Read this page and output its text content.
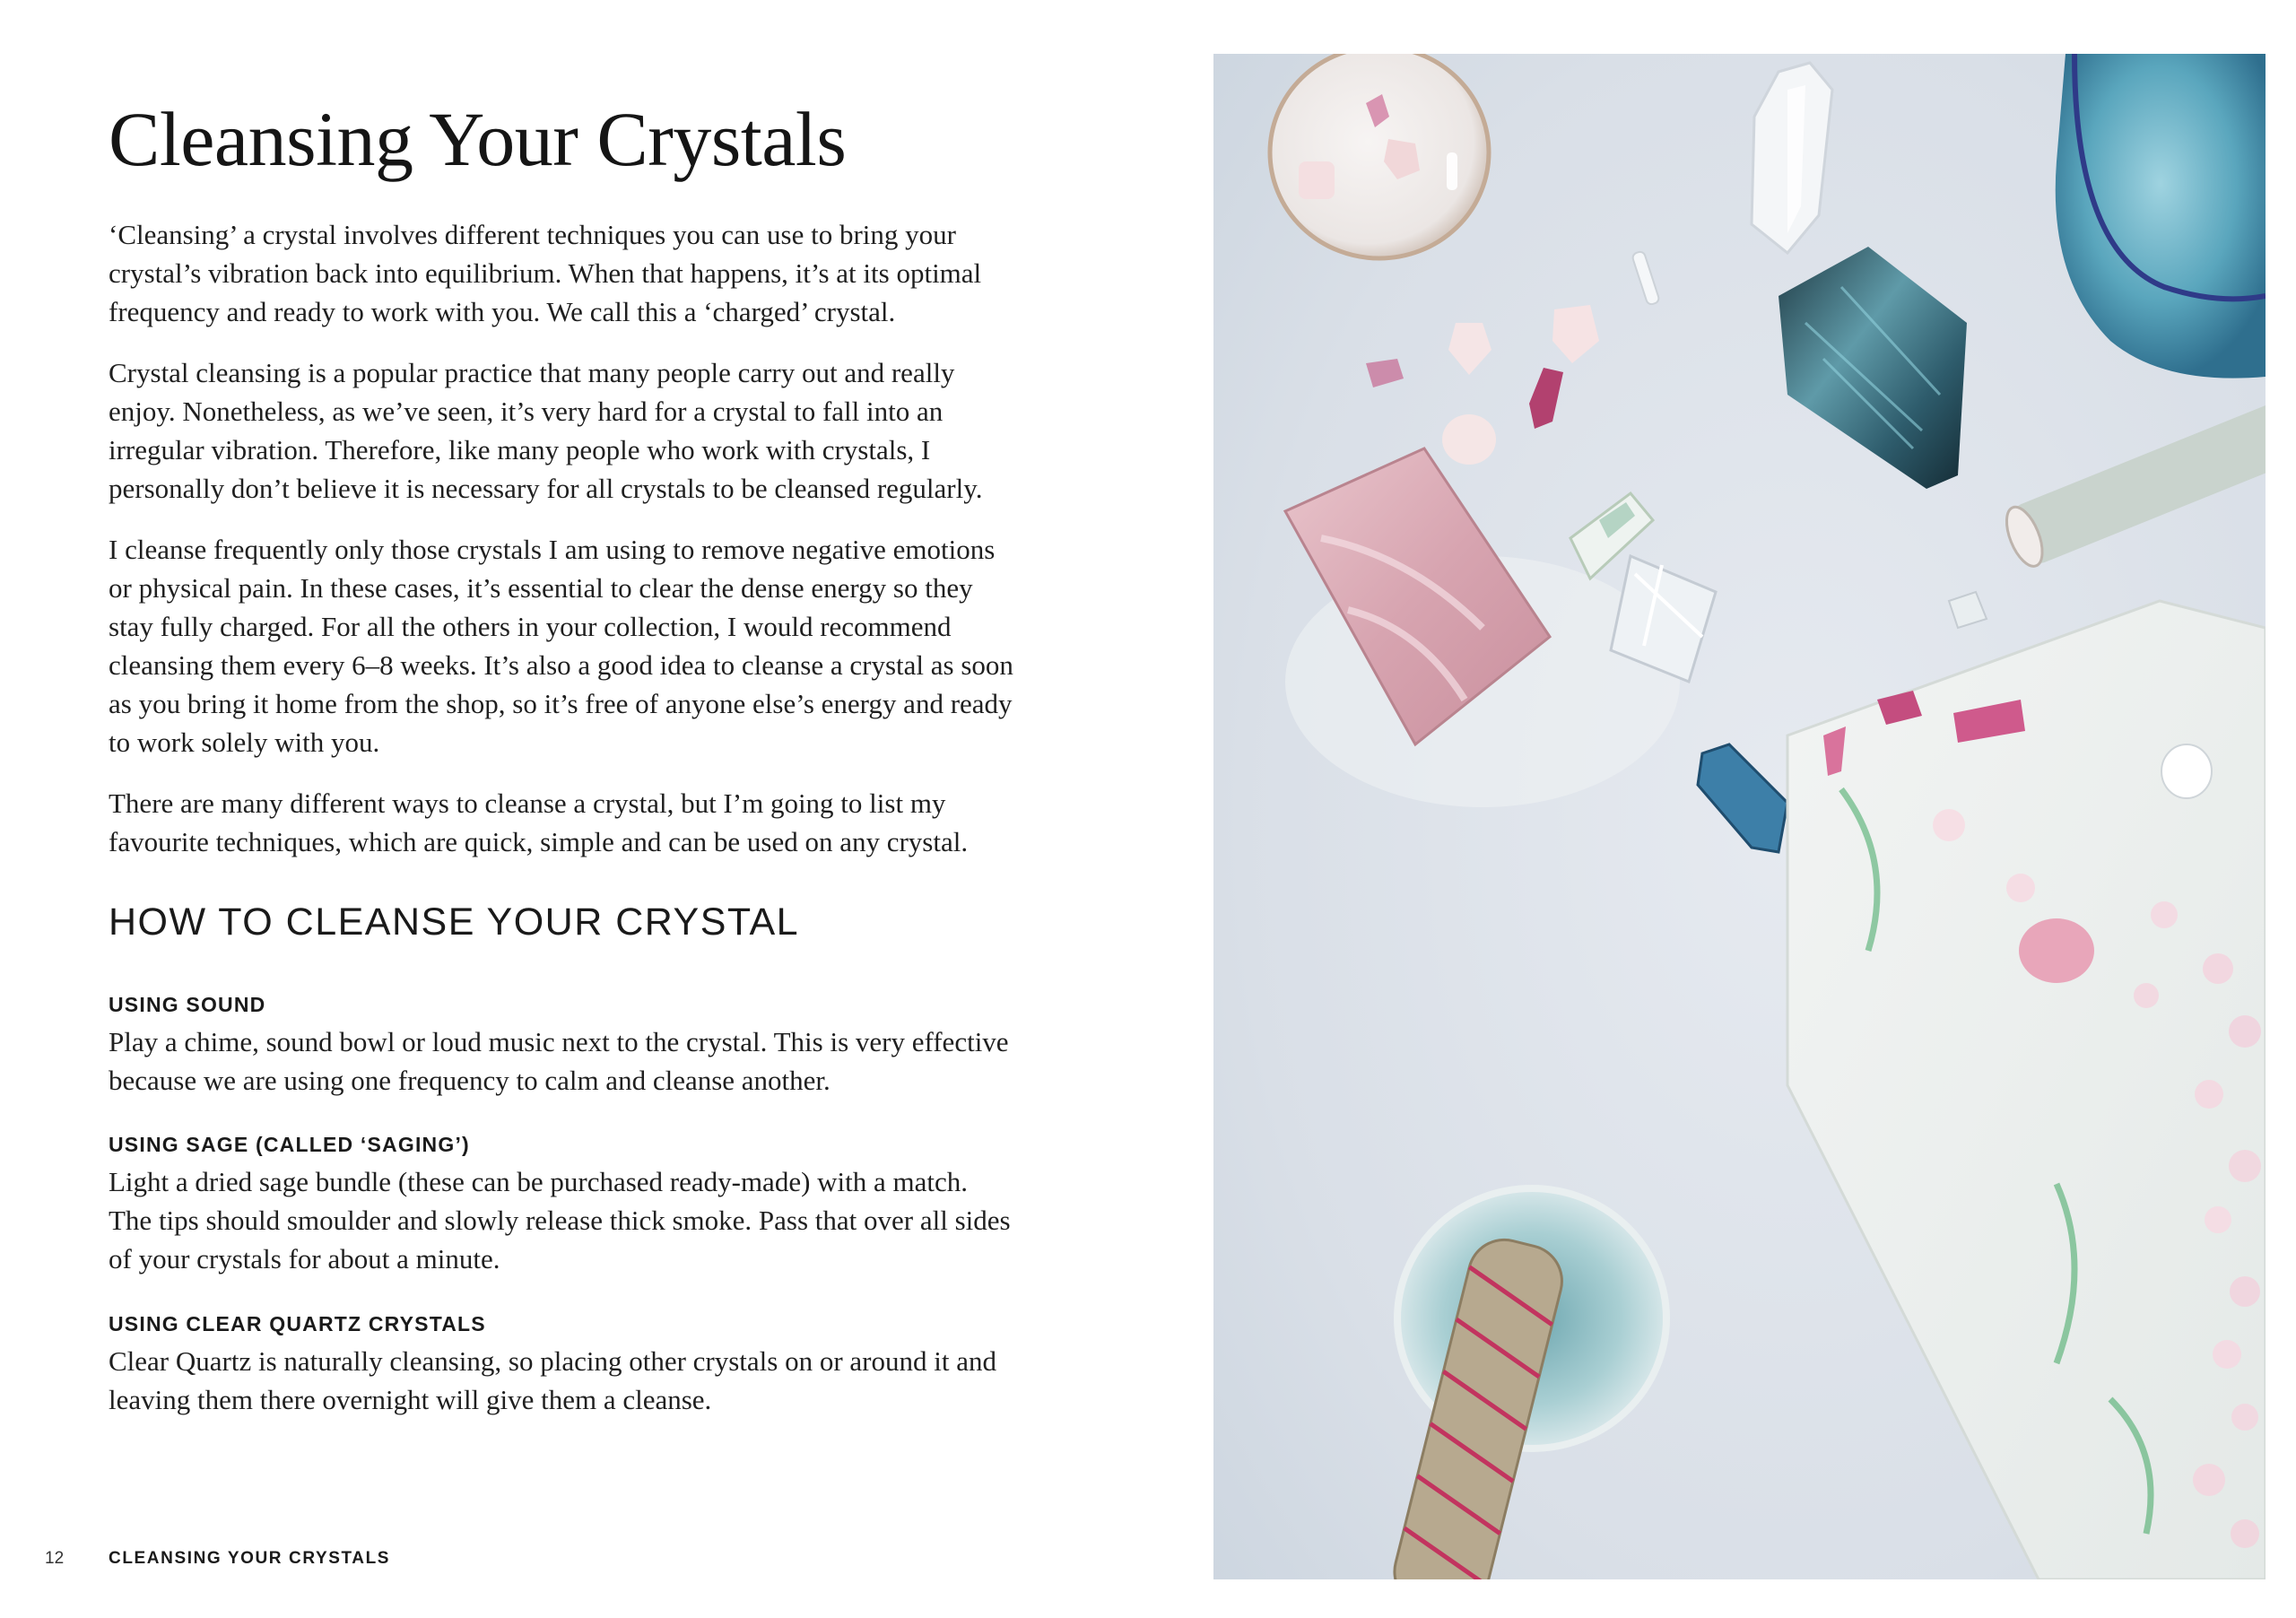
Cleansing Your Crystals

‘Cleansing’ a crystal involves different techniques you can use to bring your crystal’s vibration back into equilibrium. When that happens, it’s at its optimal frequency and ready to work with you. We call this a ‘charged’ crystal.

Crystal cleansing is a popular practice that many people carry out and really enjoy. Nonetheless, as we’ve seen, it’s very hard for a crystal to fall into an irregular vibration. Therefore, like many people who work with crystals, I personally don’t believe it is necessary for all crystals to be cleansed regularly.

I cleanse frequently only those crystals I am using to remove negative emotions or physical pain. In these cases, it’s essential to clear the dense energy so they stay fully charged. For all the others in your collection, I would recommend cleansing them every 6–8 weeks. It’s also a good idea to cleanse a crystal as soon as you bring it home from the shop, so it’s free of anyone else’s energy and ready to work solely with you.

There are many different ways to cleanse a crystal, but I’m going to list my favourite techniques, which are quick, simple and can be used on any crystal.

HOW TO CLEANSE YOUR CRYSTAL
USING SOUND

Play a chime, sound bowl or loud music next to the crystal. This is very effective because we are using one frequency to calm and cleanse another.

USING SAGE (CALLED ‘SAGING’)

Light a dried sage bundle (these can be purchased ready-made) with a match. The tips should smoulder and slowly release thick smoke. Pass that over all sides of your crystals for about a minute.

USING CLEAR QUARTZ CRYSTALS

Clear Quartz is naturally cleansing, so placing other crystals on or around it and leaving them there overnight will give them a cleanse.

12	CLEANSING YOUR CRYSTALS
